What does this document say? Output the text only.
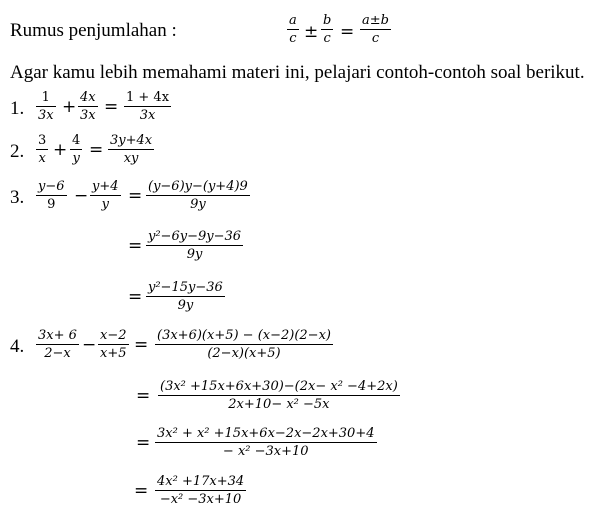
Rumus penjumlahan :	a
c ±
b
c =
a±b
c
Agar kamu lebih memahami materi ini, pelajari contoh-contoh soal berikut.
1.
1
3x + 4x
3x = 1 + 4x
3x
2.
3
x + 4
y = 3y+4x
xy
3.
y−6
9 − y+4
y = (y−6)y−(y+4)9
9y
= y²−6y−9y−36
9y
= y²−15y−36
9y
4.
3x+ 6
2−x − x−2
x+5 = (3x+6)(x+5) − (x−2)(2−x)
(2−x)(x+5)
= (3x² +15x+6x+30)−(2x− x² −4+2x)
2x+10− x² −5x
= 3x² + x² +15x+6x−2x−2x+30+4
− x² −3x+10
= 4x² +17x+34
−x² −3x+10
